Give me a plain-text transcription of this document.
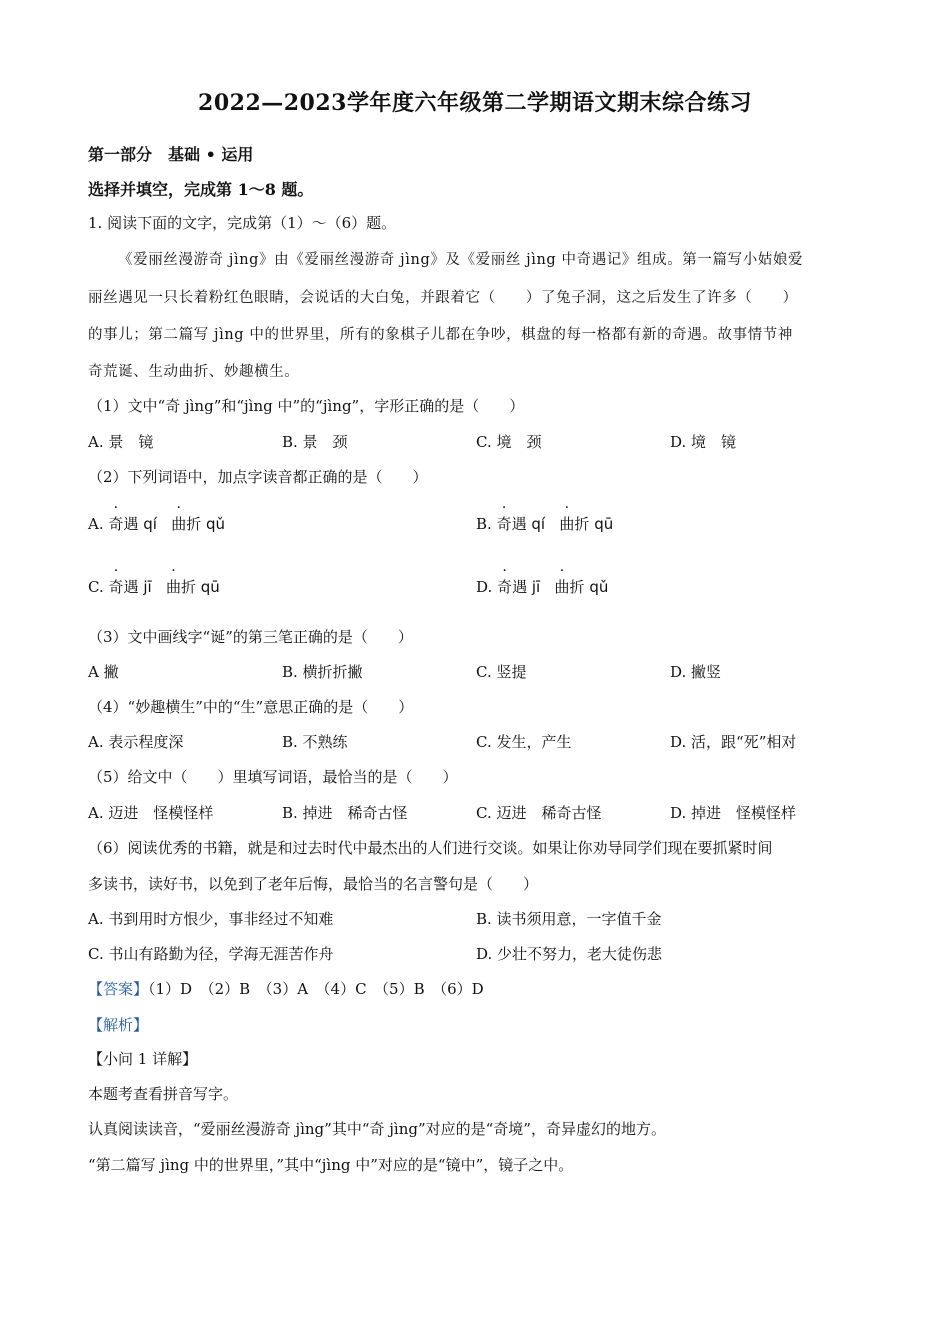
2022—2023学年度六年级第二学期语文期末综合练习
第一部分　基础 • 运用
选择并填空，完成第 1～8 题。
1. 阅读下面的文字，完成第（1）～（6）题。
《爱丽丝漫游奇 jìng》由《爱丽丝漫游奇 jìng》及《爱丽丝 jìng 中奇遇记》组成。第一篇写小姑娘爱
丽丝遇见一只长着粉红色眼睛，会说话的大白兔，并跟着它（　　）了兔子洞，这之后发生了许多（　　）
的事儿；第二篇写 jìng 中的世界里，所有的象棋子儿都在争吵，棋盘的每一格都有新的奇遇。故事情节神
奇荒诞、生动曲折、妙趣横生。
（1）文中“奇 jìng”和“jìng 中”的“jìng”，字形正确的是（　　）
A. 景　镜	B. 景　颈	C. 境　颈	D. 境　镜
（2）下列词语中，加点字读音都正确的是（　　）
A. 奇遇 qí 曲折 qǔ	B. 奇遇 qí 曲折 qū
C. 奇遇 jī 曲折 qū	D. 奇遇 jī 曲折 qǔ
（3）文中画线字“诞”的第三笔正确的是（　　）
A 撇	B. 横折折撇	C. 竖提	D. 撇竖
（4）“妙趣横生”中的“生”意思正确的是（　　）
A. 表示程度深	B. 不熟练	C. 发生，产生	D. 活，跟“死”相对
（5）给文中（　　）里填写词语，最恰当的是（　　）
A. 迈进　怪模怪样	B. 掉进　稀奇古怪	C. 迈进　稀奇古怪	D. 掉进　怪模怪样
（6）阅读优秀的书籍，就是和过去时代中最杰出的人们进行交谈。如果让你劝导同学们现在要抓紧时间
多读书，读好书，以免到了老年后悔，最恰当的名言警句是（　　）
A. 书到用时方恨少，事非经过不知难	B. 读书须用意，一字值千金
C. 书山有路勤为径，学海无涯苦作舟	D. 少壮不努力，老大徒伤悲
【答案】（1）D　（2）B　（3）A　（4）C　（5）B　（6）D
【解析】
【小问 1 详解】
本题考查看拼音写字。
认真阅读读音，“爱丽丝漫游奇 jìng”其中“奇 jìng”对应的是“奇境”，奇异虚幻的地方。
“第二篇写 jìng 中的世界里，”其中“jìng 中”对应的是“镜中”，镜子之中。
